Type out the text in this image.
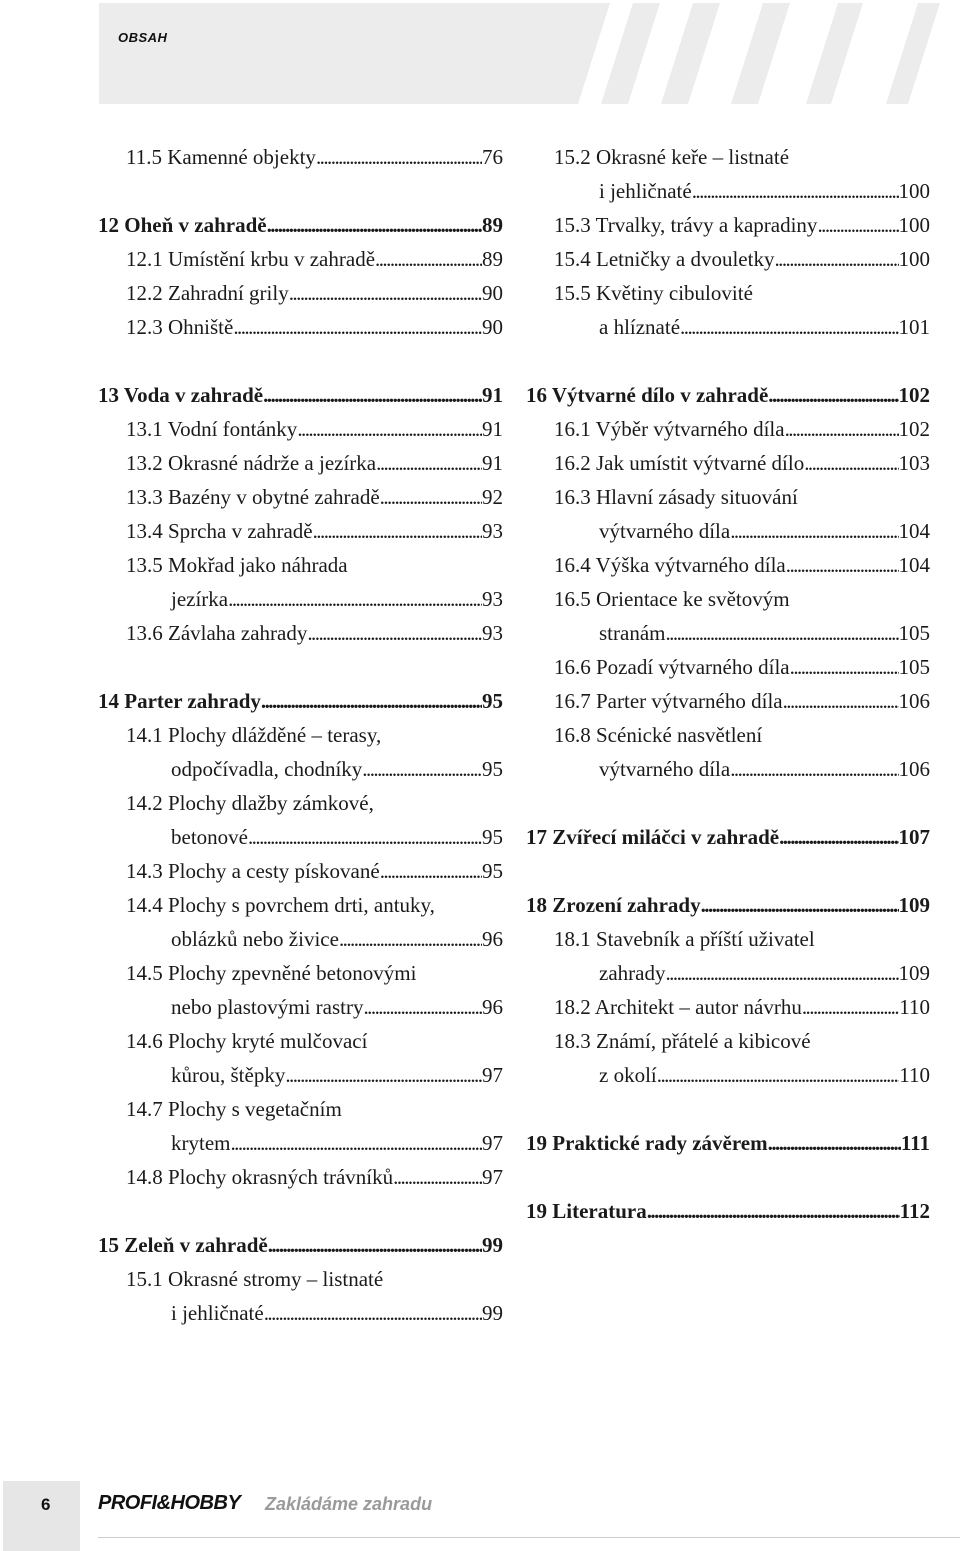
OBSAH
11.5 Kamenné objekty . . .	76
12 Oheň v zahradě . . .	89
12.1 Umístění krbu v zahradě . . .	89
12.2 Zahradní grily . . .	90
12.3 Ohniště . . .	90
13 Voda v zahradě . . .	91
13.1 Vodní fontánky . . .	91
13.2 Okrasné nádrže a jezírka . . .	91
13.3 Bazény v obytné zahradě . . .	92
13.4 Sprcha v zahradě . . .	93
13.5 Mokřad jako náhrada
jezírka . . .	93
13.6 Závlaha zahrady . . .	93
14 Parter zahrady . . .	95
14.1 Plochy dlážděné – terasy,
odpočívadla, chodníky . . .	95
14.2 Plochy dlažby zámkové,
betonové . . .	95
14.3 Plochy a cesty pískované . . .	95
14.4 Plochy s povrchem drti, antuky,
oblázků nebo živice . . .	96
14.5 Plochy zpevněné betonovými
nebo plastovými rastry . . .	96
14.6 Plochy kryté mulčovací
kůrou, štěpky . . .	97
14.7 Plochy s vegetačním
krytem . . .	97
14.8 Plochy okrasných trávníků . . .	97
15 Zeleň v zahradě . . .	99
15.1 Okrasné stromy – listnaté
i jehličnaté . . .	99
15.2 Okrasné keře – listnaté
i jehličnaté . . .	100
15.3 Trvalky, trávy a kapradiny . . .	100
15.4 Letničky a dvouletky . . .	100
15.5 Květiny cibulovité
a hlíznaté . . .	101
16 Výtvarné dílo v zahradě . . .	102
16.1 Výběr výtvarného díla . . .	102
16.2 Jak umístit výtvarné dílo . . .	103
16.3 Hlavní zásady situování
výtvarného díla . . .	104
16.4 Výška výtvarného díla . . .	104
16.5 Orientace ke světovým
stranám . . .	105
16.6 Pozadí výtvarného díla . . .	105
16.7 Parter výtvarného díla . . .	106
16.8 Scénické nasvětlení
výtvarného díla . . .	106
17 Zvířecí miláčci v zahradě . . .	107
18 Zrození zahrady . . .	109
18.1 Stavebník a příští uživatel
zahrady . . .	109
18.2 Architekt – autor návrhu . . .	110
18.3 Známí, přátelé a kibicové
z okolí . . .	110
19 Praktické rady závěrem . . .	111
19 Literatura . . .	112
6 PROFI&HOBBY Zakládáme zahradu
